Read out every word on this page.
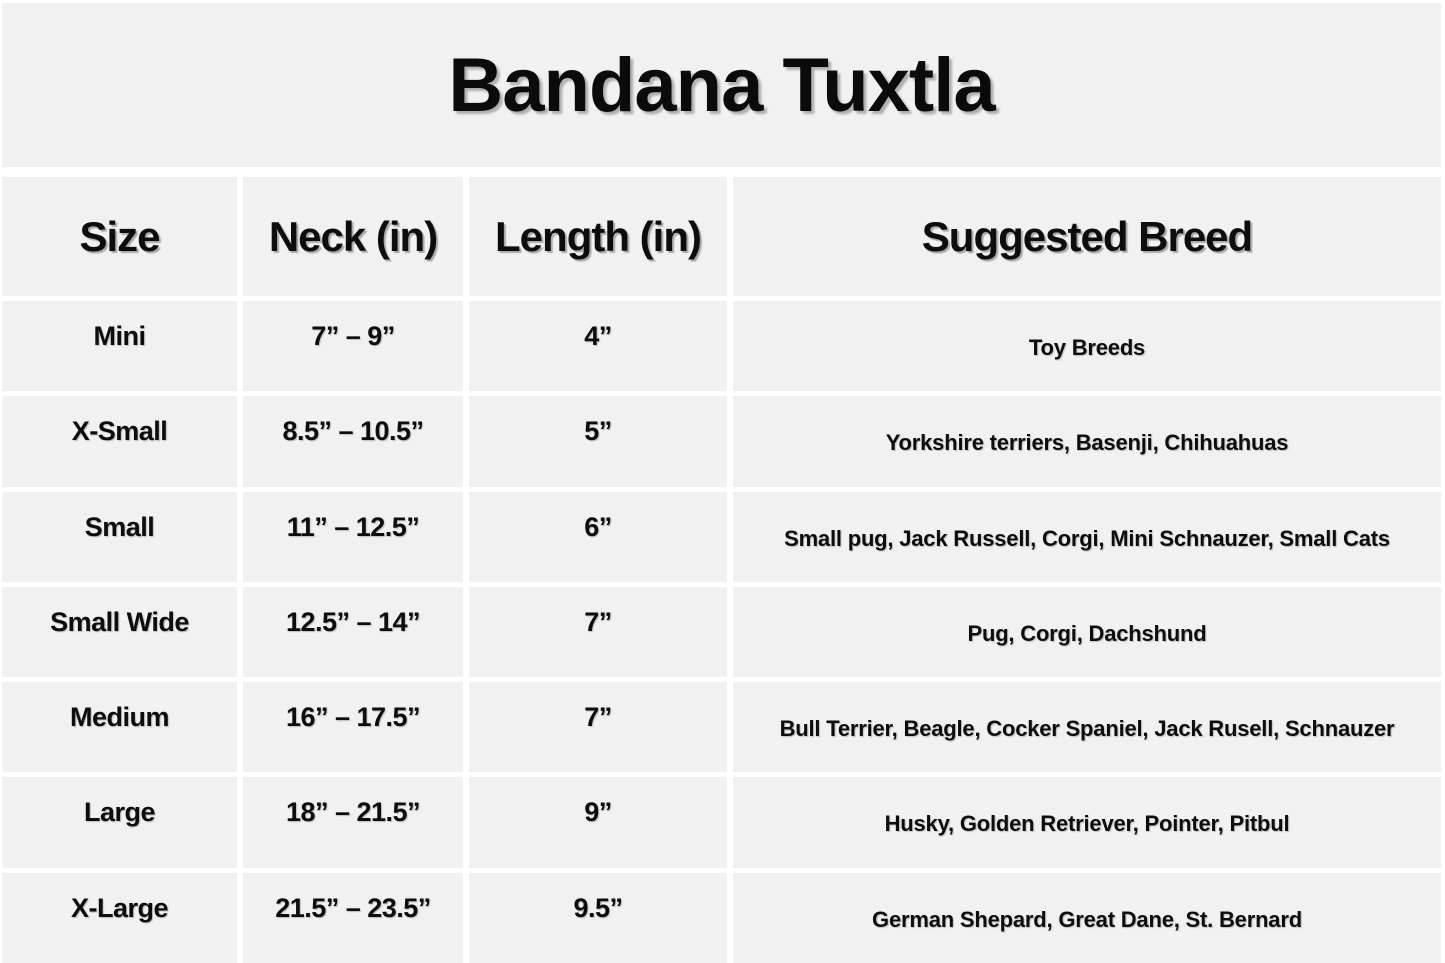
Bandana Tuxtla
Size	Neck (in)	Length (in)	Suggested Breed
Mini	7” – 9”	4”	Toy Breeds
X-Small	8.5” – 10.5”	5”	Yorkshire terriers, Basenji, Chihuahuas
Small	11” – 12.5”	6”	Small pug, Jack Russell, Corgi, Mini Schnauzer, Small Cats
Small Wide	12.5” – 14”	7”	Pug, Corgi, Dachshund
Medium	16” – 17.5”	7”	Bull Terrier, Beagle, Cocker Spaniel, Jack Rusell, Schnauzer
Large	18” – 21.5”	9”	Husky, Golden Retriever, Pointer, Pitbul
X-Large	21.5” – 23.5”	9.5”	German Shepard, Great Dane, St. Bernard
